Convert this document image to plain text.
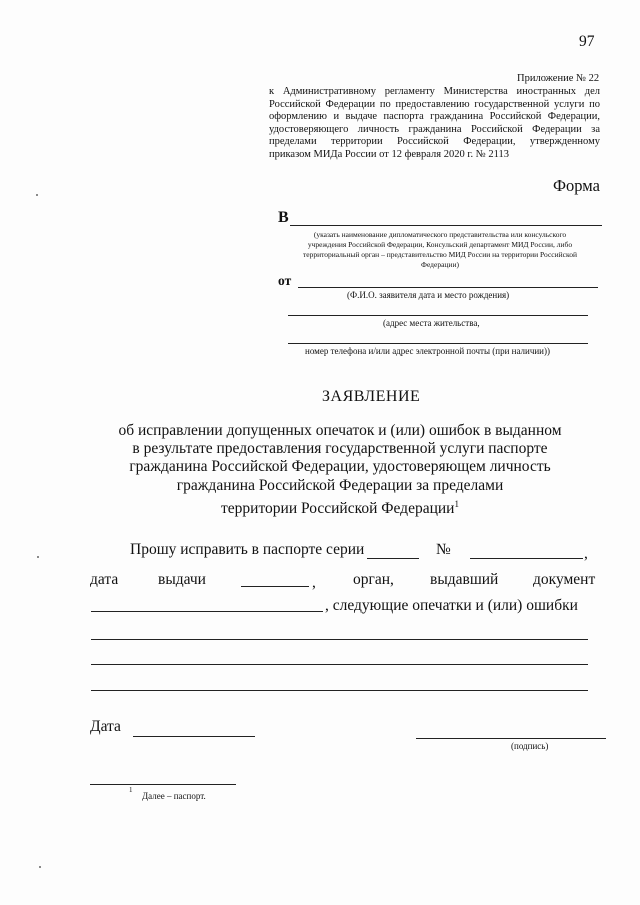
97
Приложение № 22
к Административному регламенту Министерства иностранных дел
Российской Федерации по предоставлению государственной услуги по
оформлению и выдаче паспорта гражданина Российской Федерации,
удостоверяющего личность гражданина Российской Федерации за
пределами территории Российской Федерации, утвержденному
приказом МИДа России от 12 февраля 2020 г. № 2113
Форма
В
(указать наименование дипломатического представительства или консульского
учреждения Российской Федерации, Консульский департамент МИД России, либо
территориальный орган – представительство МИД России на территории Российской
Федерации)
от
(Ф.И.О. заявителя дата и место рождения)
(адрес места жительства,
номер телефона и/или адрес электронной почты (при наличии))
ЗАЯВЛЕНИЕ
об исправлении допущенных опечаток и (или) ошибок в выданном
в результате предоставления государственной услуги паспорте
гражданина Российской Федерации, удостоверяющем личность
гражданина Российской Федерации за пределами
территории Российской Федерации$^1$
Прошу исправить в паспорте серии	№	,
дата	выдачи	, орган, выдавший документ
, следующие опечатки и (или) ошибки
Дата
(подпись)
1
Далее – паспорт.
